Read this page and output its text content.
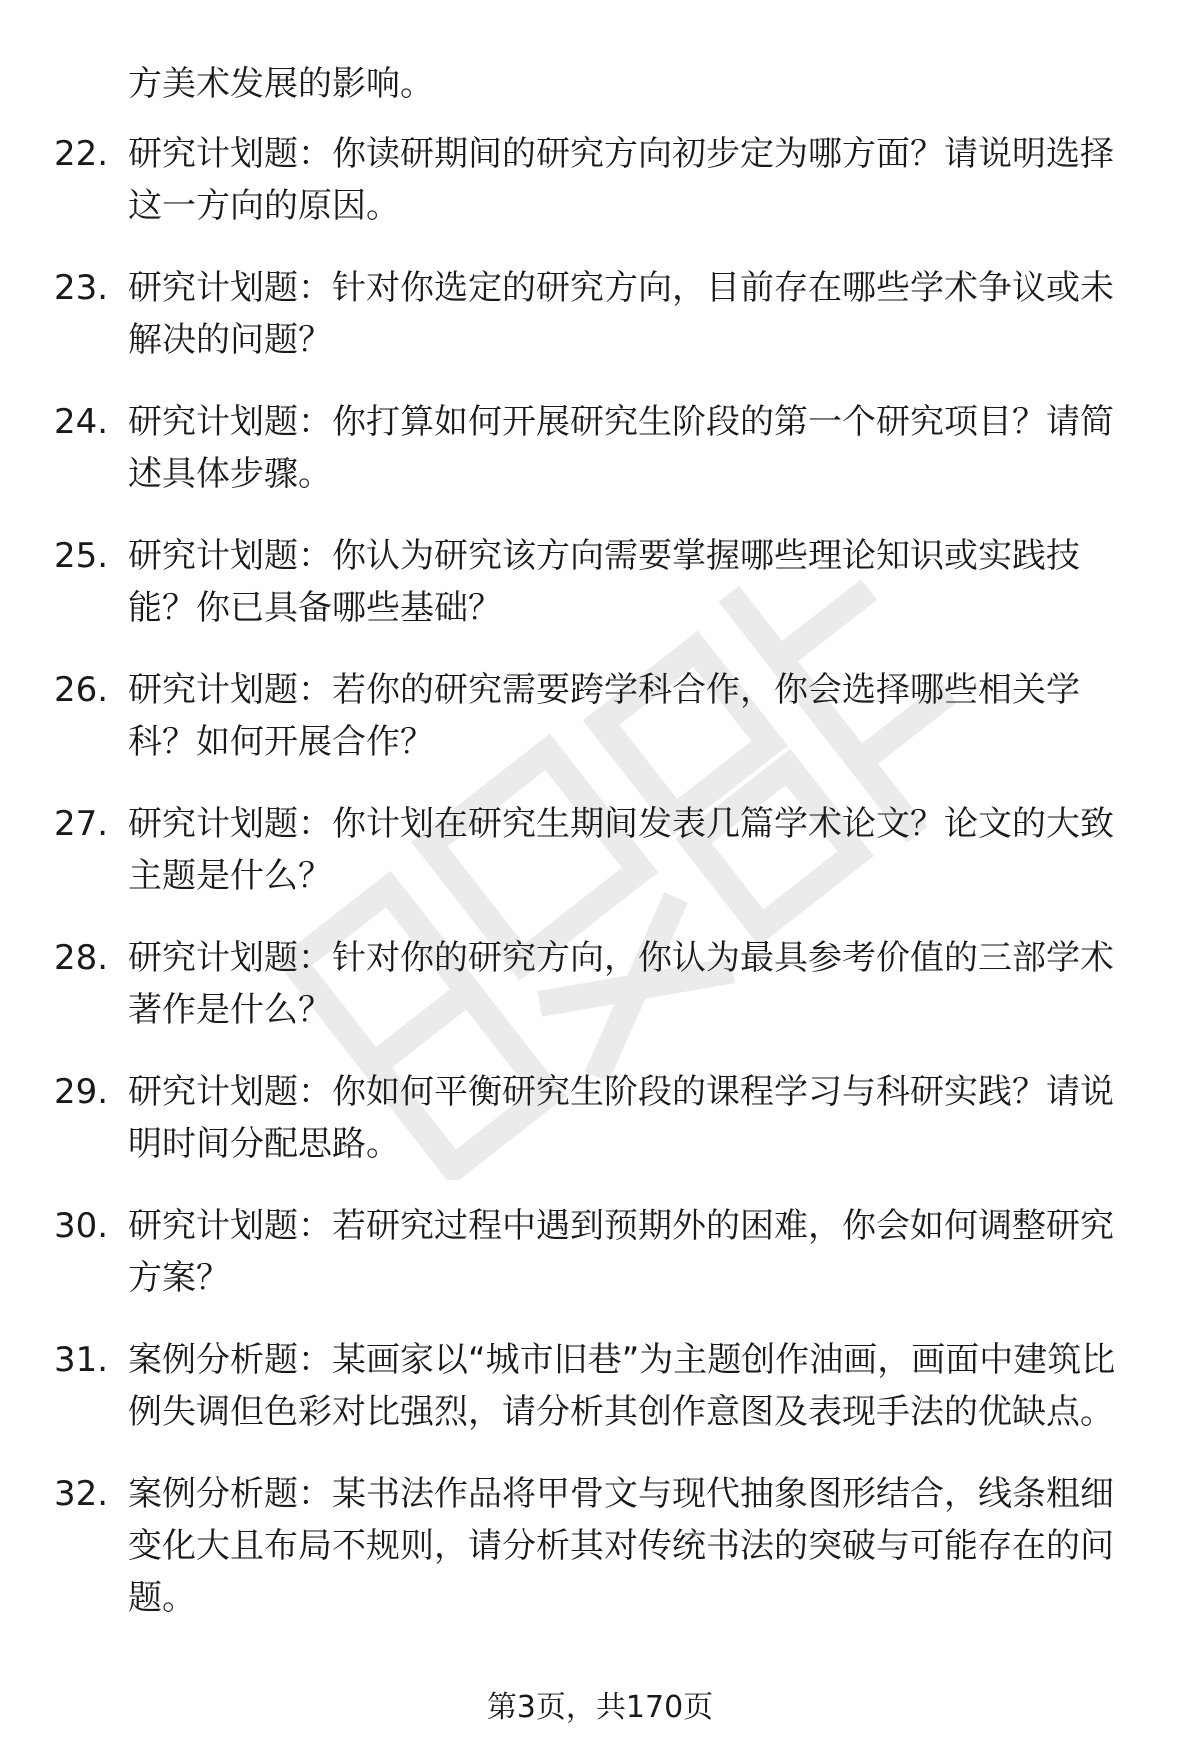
方美术发展的影响。
22. 研究计划题：你读研期间的研究方向初步定为哪方面？请说明选择这一方向的原因。
23. 研究计划题：针对你选定的研究方向，目前存在哪些学术争议或未解决的问题？
24. 研究计划题：你打算如何开展研究生阶段的第一个研究项目？请简述具体步骤。
25. 研究计划题：你认为研究该方向需要掌握哪些理论知识或实践技能？你已具备哪些基础？
26. 研究计划题：若你的研究需要跨学科合作，你会选择哪些相关学科？如何开展合作？
27. 研究计划题：你计划在研究生期间发表几篇学术论文？论文的大致主题是什么？
28. 研究计划题：针对你的研究方向，你认为最具参考价值的三部学术著作是什么？
29. 研究计划题：你如何平衡研究生阶段的课程学习与科研实践？请说明时间分配思路。
30. 研究计划题：若研究过程中遇到预期外的困难，你会如何调整研究方案？
31. 案例分析题：某画家以“城市旧巷”为主题创作油画，画面中建筑比例失调但色彩对比强烈，请分析其创作意图及表现手法的优缺点。
32. 案例分析题：某书法作品将甲骨文与现代抽象图形结合，线条粗细变化大且布局不规则，请分析其对传统书法的突破与可能存在的问题。
第3页，共170页
